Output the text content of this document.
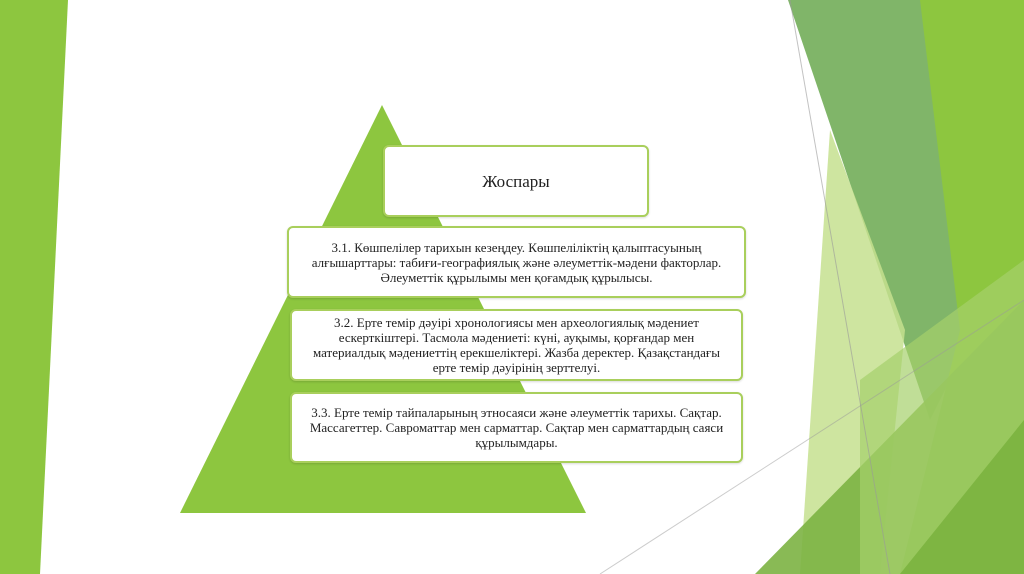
Жоспары
3.1. Көшпелілер тарихын кезеңдеу. Көшпеліліктің қалыптасуының алғышарттары: табиғи-географиялық және әлеуметтік-мәдени факторлар. Әлеуметтік құрылымы мен қоғамдық құрылысы.
3.2. Ерте темір дәуірі хронологиясы мен археологиялық мәдениет ескерткіштері. Тасмола мәдениеті: күні, ауқымы, қорғандар мен материалдық мәдениеттің ерекшеліктері. Жазба деректер. Қазақстандағы ерте темір дәуірінің зерттелуі.
3.3. Ерте темір тайпаларының этносаяси және әлеуметтік тарихы. Сақтар. Массагеттер. Савроматтар мен сарматтар. Сақтар мен сарматтардың саяси құрылымдары.
